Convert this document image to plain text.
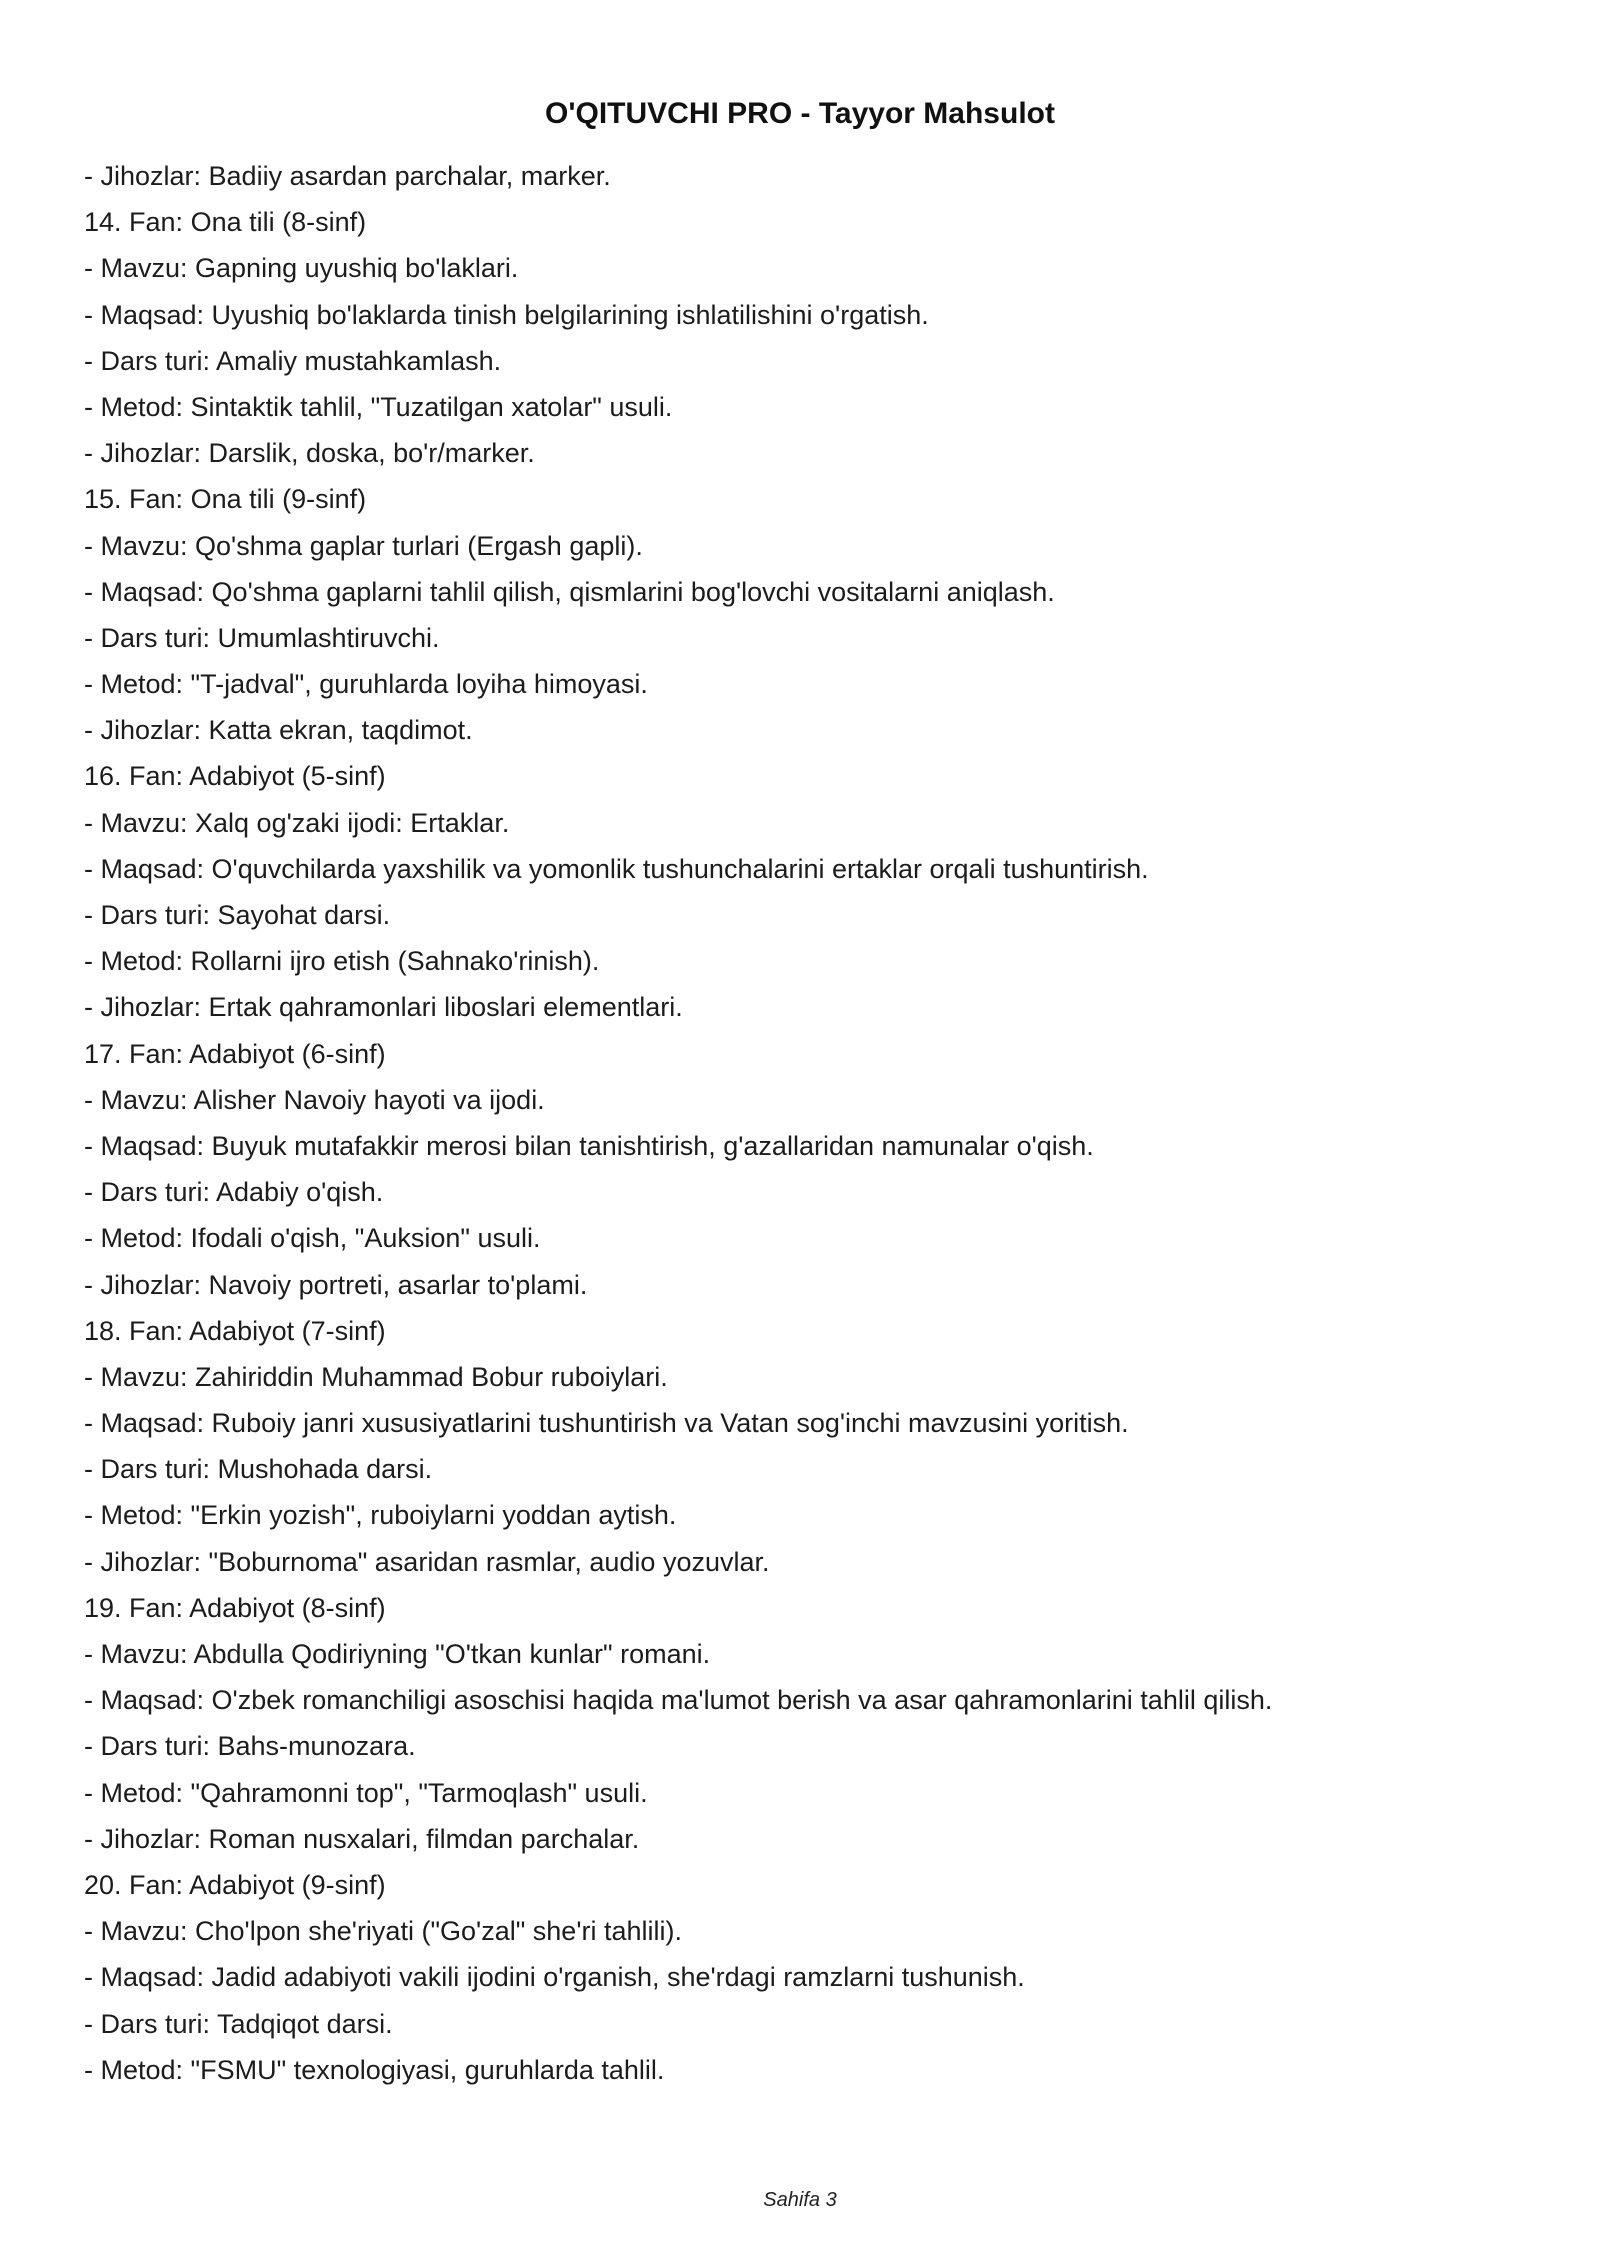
O'QITUVCHI PRO - Tayyor Mahsulot
- Jihozlar: Badiiy asardan parchalar, marker.
14. Fan: Ona tili (8-sinf)
- Mavzu: Gapning uyushiq bo'laklari.
- Maqsad: Uyushiq bo'laklarda tinish belgilarining ishlatilishini o'rgatish.
- Dars turi: Amaliy mustahkamlash.
- Metod: Sintaktik tahlil, "Tuzatilgan xatolar" usuli.
- Jihozlar: Darslik, doska, bo'r/marker.
15. Fan: Ona tili (9-sinf)
- Mavzu: Qo'shma gaplar turlari (Ergash gapli).
- Maqsad: Qo'shma gaplarni tahlil qilish, qismlarini bog'lovchi vositalarni aniqlash.
- Dars turi: Umumlashtiruvchi.
- Metod: "T-jadval", guruhlarda loyiha himoyasi.
- Jihozlar: Katta ekran, taqdimot.
16. Fan: Adabiyot (5-sinf)
- Mavzu: Xalq og'zaki ijodi: Ertaklar.
- Maqsad: O'quvchilarda yaxshilik va yomonlik tushunchalarini ertaklar orqali tushuntirish.
- Dars turi: Sayohat darsi.
- Metod: Rollarni ijro etish (Sahnako'rinish).
- Jihozlar: Ertak qahramonlari liboslari elementlari.
17. Fan: Adabiyot (6-sinf)
- Mavzu: Alisher Navoiy hayoti va ijodi.
- Maqsad: Buyuk mutafakkir merosi bilan tanishtirish, g'azallaridan namunalar o'qish.
- Dars turi: Adabiy o'qish.
- Metod: Ifodali o'qish, "Auksion" usuli.
- Jihozlar: Navoiy portreti, asarlar to'plami.
18. Fan: Adabiyot (7-sinf)
- Mavzu: Zahiriddin Muhammad Bobur ruboiylari.
- Maqsad: Ruboiy janri xususiyatlarini tushuntirish va Vatan sog'inchi mavzusini yoritish.
- Dars turi: Mushohada darsi.
- Metod: "Erkin yozish", ruboiylarni yoddan aytish.
- Jihozlar: "Boburnoma" asaridan rasmlar, audio yozuvlar.
19. Fan: Adabiyot (8-sinf)
- Mavzu: Abdulla Qodiriyning "O'tkan kunlar" romani.
- Maqsad: O'zbek romanchiligi asoschisi haqida ma'lumot berish va asar qahramonlarini tahlil qilish.
- Dars turi: Bahs-munozara.
- Metod: "Qahramonni top", "Tarmoqlash" usuli.
- Jihozlar: Roman nusxalari, filmdan parchalar.
20. Fan: Adabiyot (9-sinf)
- Mavzu: Cho'lpon she'riyati ("Go'zal" she'ri tahlili).
- Maqsad: Jadid adabiyoti vakili ijodini o'rganish, she'rdagi ramzlarni tushunish.
- Dars turi: Tadqiqot darsi.
- Metod: "FSMU" texnologiyasi, guruhlarda tahlil.
Sahifa 3
